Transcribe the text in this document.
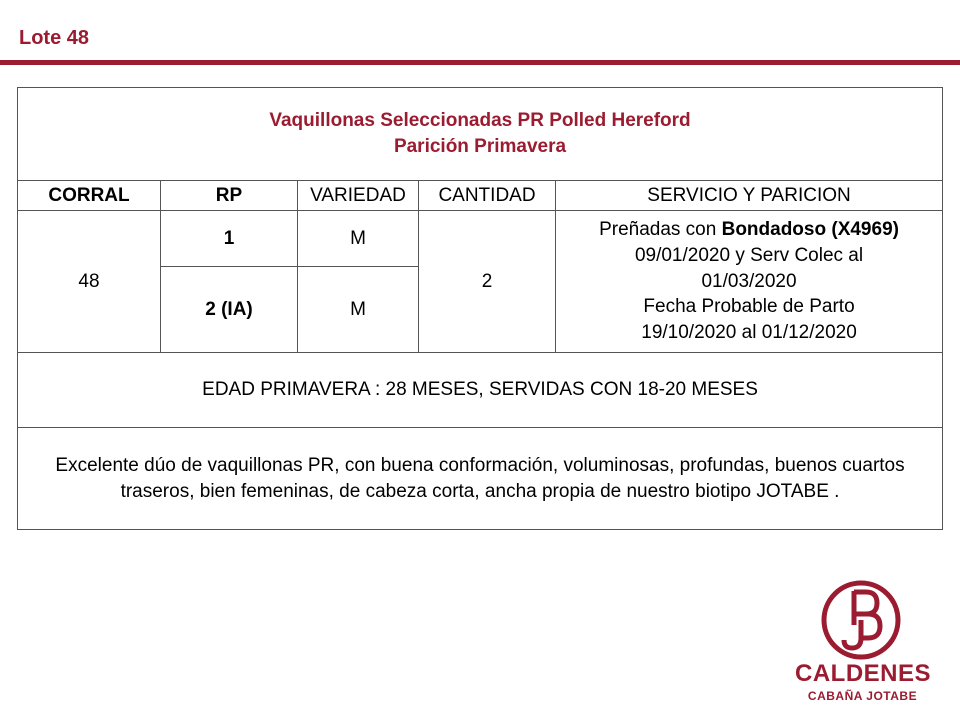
Lote 48
Vaquillonas Seleccionadas PR Polled Hereford
Parición Primavera				

CORRAL	RP	VARIEDAD	CANTIDAD	SERVICIO Y PARICION
48	1	M	2	Preñadas con Bondadoso (X4969)
09/01/2020 y Serv Colec al
01/03/2020
Fecha Probable de Parto
19/10/2020 al 01/12/2020

	2 (IA)	M		
EDAD PRIMAVERA : 28 MESES, SERVIDAS CON 18-20 MESES				
Excelente dúo de vaquillonas PR, con buena conformación, voluminosas, profundas, buenos cuartos traseros, bien femeninas, de cabeza corta, ancha propia de nuestro biotipo JOTABE .				
CALDENES
CABAÑA JOTABE
